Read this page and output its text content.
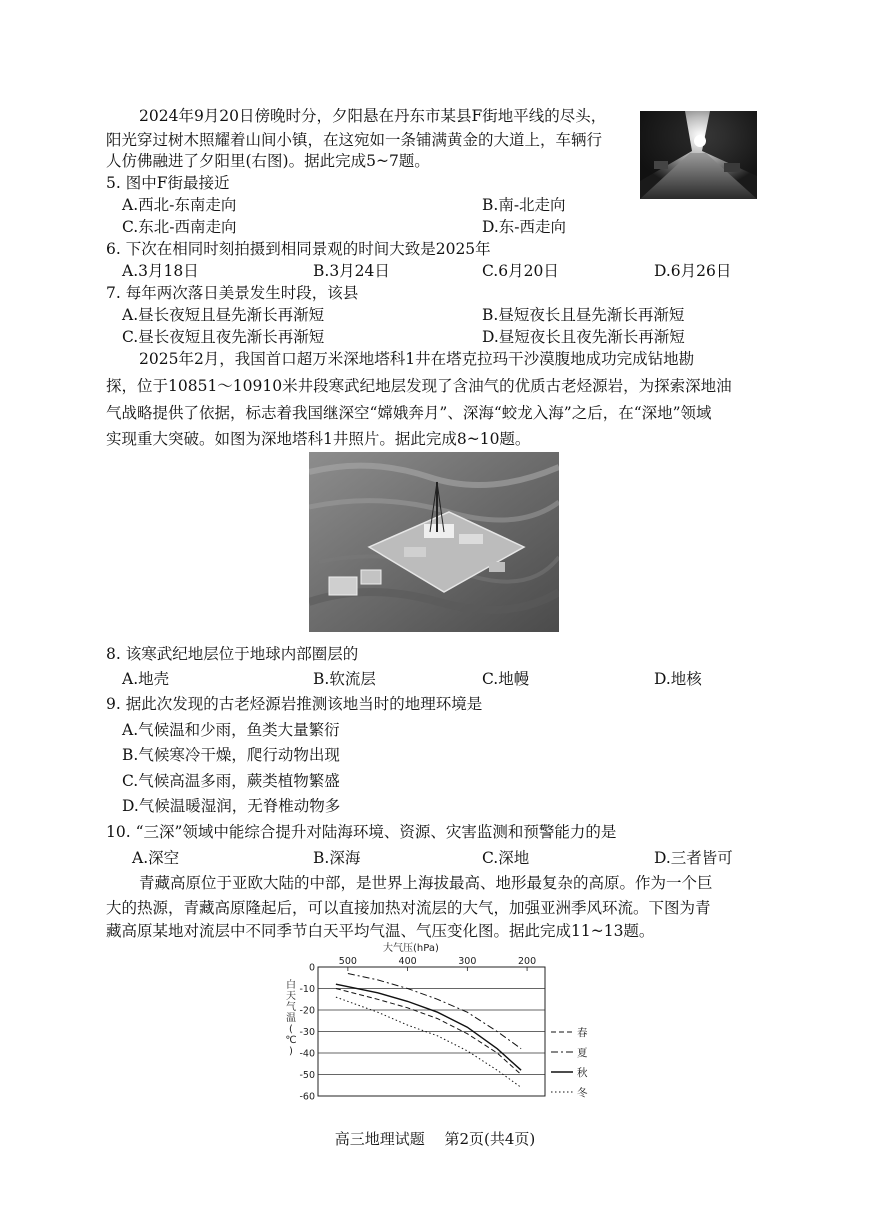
2024年9月20日傍晚时分，夕阳悬在丹东市某县F街地平线的尽头，
阳光穿过树木照耀着山间小镇，在这宛如一条铺满黄金的大道上，车辆行
人仿佛融进了夕阳里(右图)。据此完成5~7题。
5. 图中F街最接近
A.西北-东南走向	B.南-北走向
C.东北-西南走向	D.东-西走向
6. 下次在相同时刻拍摄到相同景观的时间大致是2025年
A.3月18日	B.3月24日	C.6月20日	D.6月26日
7. 每年两次落日美景发生时段，该县
A.昼长夜短且昼先渐长再渐短	B.昼短夜长且昼先渐长再渐短
C.昼长夜短且夜先渐长再渐短	D.昼短夜长且夜先渐长再渐短
2025年2月，我国首口超万米深地塔科1井在塔克拉玛干沙漠腹地成功完成钻地勘
探，位于10851～10910米井段寒武纪地层发现了含油气的优质古老烃源岩，为探索深地油
气战略提供了依据，标志着我国继深空“嫦娥奔月”、深海“蛟龙入海”之后，在“深地”领域
实现重大突破。如图为深地塔科1井照片。据此完成8~10题。
8. 该寒武纪地层位于地球内部圈层的
A.地壳	B.软流层	C.地幔	D.地核
9. 据此次发现的古老烃源岩推测该地当时的地理环境是
A.气候温和少雨，鱼类大量繁衍
B.气候寒冷干燥，爬行动物出现
C.气候高温多雨，蕨类植物繁盛
D.气候温暖湿润，无脊椎动物多
10. “三深”领域中能综合提升对陆海环境、资源、灾害监测和预警能力的是
A.深空	B.深海	C.深地	D.三者皆可
青藏高原位于亚欧大陆的中部，是世界上海拔最高、地形最复杂的高原。作为一个巨
大的热源，青藏高原隆起后，可以直接加热对流层的大气，加强亚洲季风环流。下图为青
藏高原某地对流层中不同季节白天平均气温、气压变化图。据此完成11~13题。
0
-10
-20
-30
-40
-50
-60
500	400	300	200
春
夏
秋
冬
大气压(hPa)
白
天
气
温
(
℃
)
高三地理试题　 第2页(共4页)
